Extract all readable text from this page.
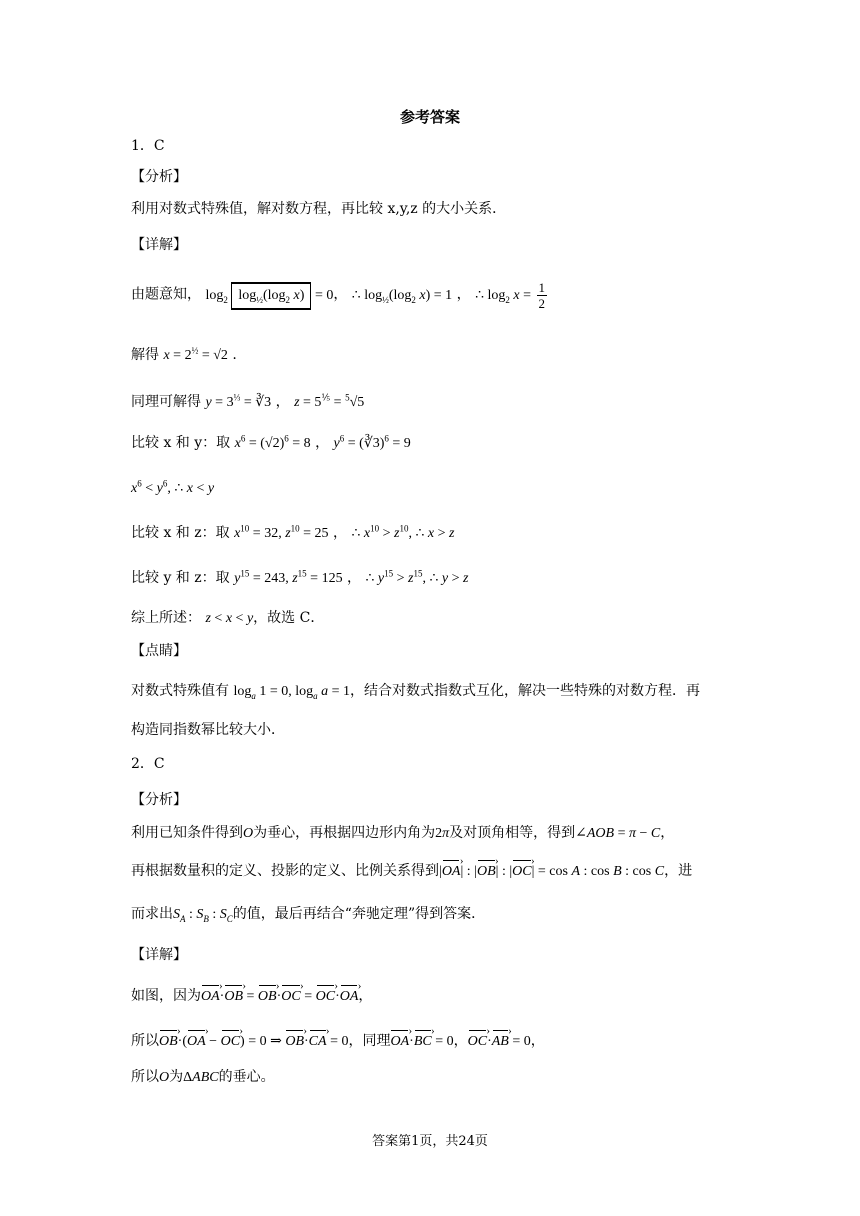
参考答案
1．C
【分析】
利用对数式特殊值，解对数方程，再比较 x,y,z 的大小关系．
【详解】
由题意知， $\log_2 \log_{\frac{1}{2}}(\log_2$ x) = 0， ∴ $\log_{\frac{1}{2}}(\log_2$ x) = 1 ， ∴ $\log_2 x = \frac{1}{2}$
解得 $x = 2^{\frac{1}{2}} = √2$ .
同理可解得 $y = 3^{\frac{1}{3}}$ = ∛3 ， $z = 5^{\frac{1}{5}} = ^5√5$
比较 x 和 y：取 $x^6 = (√2)^6 = 8$ ， $y^6$ = (∛3)$^6$ = 9
$x^6 < y^6$, ∴ x < y
比较 x 和 z：取 $x^{10} = 32$, $z^{10} = 25$ ， ∴ $x^{10} > z^{10}$, ∴ x > z
比较 y 和 z：取 $y^{15} = 243$, $z^{15} = 125$ ， ∴ $y^{15} > z^{15}$, ∴ y > z
综上所述： z < x < y，故选 C．
【点睛】
对数式特殊值有 $\log_a 1 = 0$, $\log_a a = 1$，结合对数式指数式互化，解决一些特殊的对数方程．再
构造同指数幂比较大小．
2．C
【分析】
利用已知条件得到O为垂心，再根据四边形内角为2π及对顶角相等，得到∠AOB = π − C，
再根据数量积的定义、投影的定义、比例关系得到|OA ›| : |OB ›| : |OC ›| = cos A : cos B : cos C，进
而求出$S_A$ : $S_B$ : $S_C$的值，最后再结合“奔驰定理”得到答案．
【详解】
如图，因为OA ›·OB › = OB ›·OC › = OC ›·OA ›，
所以OB ›·(OA › − OC ›) = 0 ⇒ OB ›·CA › = 0，同理OA ›·BC › = 0，OC ›·AB › = 0，
所以O为ΔABC的垂心。
答案第1页，共24页
